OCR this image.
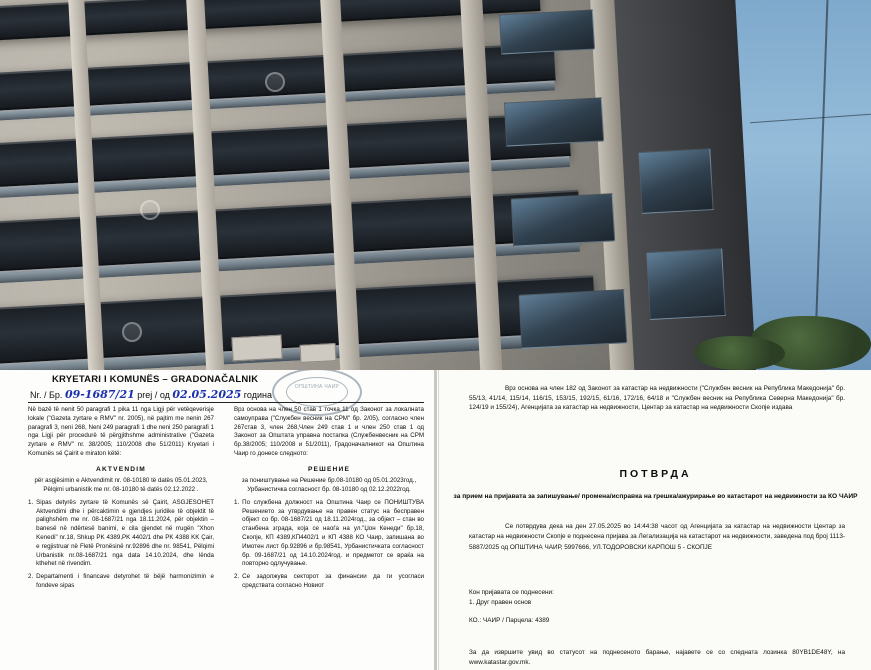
KRYETARI I KOMUNËS – GRADONAČALNIK
Nr. / Бр. 09-1687/21 prej / од 02.05.2025 година
ОПШТИНА ЧАИР
Në bazë të nenit 50 paragrafi 1 pika 11 nga Ligji për vetëqeverisje lokale ("Gazeta zyrtare e RMV" nr. 2005), në pajtim me nenin 267 paragrafi 3, neni 268, Neni 249 paragrafi 1 dhe neni 250 paragrafi 1 nga Ligji për procedurë të përgjithshme administrative ("Gazeta zyrtare e RMV" nr. 38/2005; 110/2008 dhe 51/2011) Kryetari i Komunës së Çairit e miraton këtë:
AKTVENDIM
për asgjësimin e Aktvendimit nr. 08-10180 të datës 05.01.2023, Pëlqimi urbanistik me nr. 08-10180 të datës 02.12.2022 .
1. Sipas detyrës zyrtare të Komunës së Çairit, ASGJESOHET Aktvendimi dhe i përcaktimin e gjendjes juridike të objektit të palighshëm me nr. 08-1687/21 nga 18.11.2024, për objektin – banesë në ndërtesë banimi, e cila gjendet në rrugën "Xhon Kenedi" nr.18, Shkup PK 4389,PK 4402/1 dhe PK 4388 KK Çair, e regjistruar në Fletë Pronësinë nr.92896 dhe nr. 98541, Pëlqimi Urbanistik nr.08-1687/21 nga data 14.10.2024, dhe lënda kthehet në rivendim.
2. Departamenti i financave detyrohet të bëjë harmonizimin e fondeve sipas
Врз основа на член 50 став 1 точка 11 од Законот за локалната самоуправа ("Службен весник на СРМ" бр. 2/05), согласно член 267став 3, член 268,Член 249 став 1 и член 250 став 1 од Законот за Општата управна постапка (Службенвесник на СРМ бр.38/2005; 110/2008 и 51/2011), Градоначалникот на Општина Чаир го донесе следното:
РЕШЕНИЕ
за поништување на Решение бр.08-10180 од 05.01.2023год., Урбанистичка согласност бр. 08-10180 од 02.12.2022год.
1. По службена должност на Општина Чаир се ПОНИШТУВА Решението за утврдување на правен статус на бесправен објект со бр. 08-1687/21 од 18.11.2024год., за објект – стан во станбена зграда, која се наоѓа на ул."Џон Кенеди" бр.18, Скопје, КП 4389,КП4402/1 и КП 4388 КО Чаир, запишана во Имотен лист бр.92896 и бр.98541, Урбанистичката согласност бр. 09-1687/21 од 14.10.2024год. и предметот се враќа на повторно одлучување.
2. Се задолжува секторот за финансии да ги усогласи средствата согласно Новиот
Врз основа на член 182 од Законот за катастар на недвижности ("Службен весник на Република Македонија" бр. 55/13, 41/14, 115/14, 116/15, 153/15, 192/15, 61/16, 172/16, 64/18 и "Службен весник на Република Северна Македонија" бр. 124/19 и 155/24), Агенцијата за катастар на недвижности, Центар за катастар на недвижности Скопје издава
ПОТВРДА
за прием на пријавата за запишување/ промена/исправка на грешка/ажурирање во катастарот на недвижности за КО ЧАИР
Се потврдува дека на ден 27.05.2025 во 14:44:38 часот од Агенцијата за катастар на недвижности Центар за катастар на недвижности Скопје е поднесена пријава за Легализација на катастарот на недвижности, заведена под број 1113-5887/2025 од ОПШТИНА ЧАИР, 5997666, УЛ.ТОДОРОВСКИ КАРПОШ 5 - СКОПЈЕ
Кон пријавата се поднесени:
1. Друг правен основ
КО.: ЧАИР / Парцела: 4389
За да извршите увид во статусот на поднесеното барање, најавете се со следната лозинка 80YB1DE48Y, на www.katastar.gov.mk.
